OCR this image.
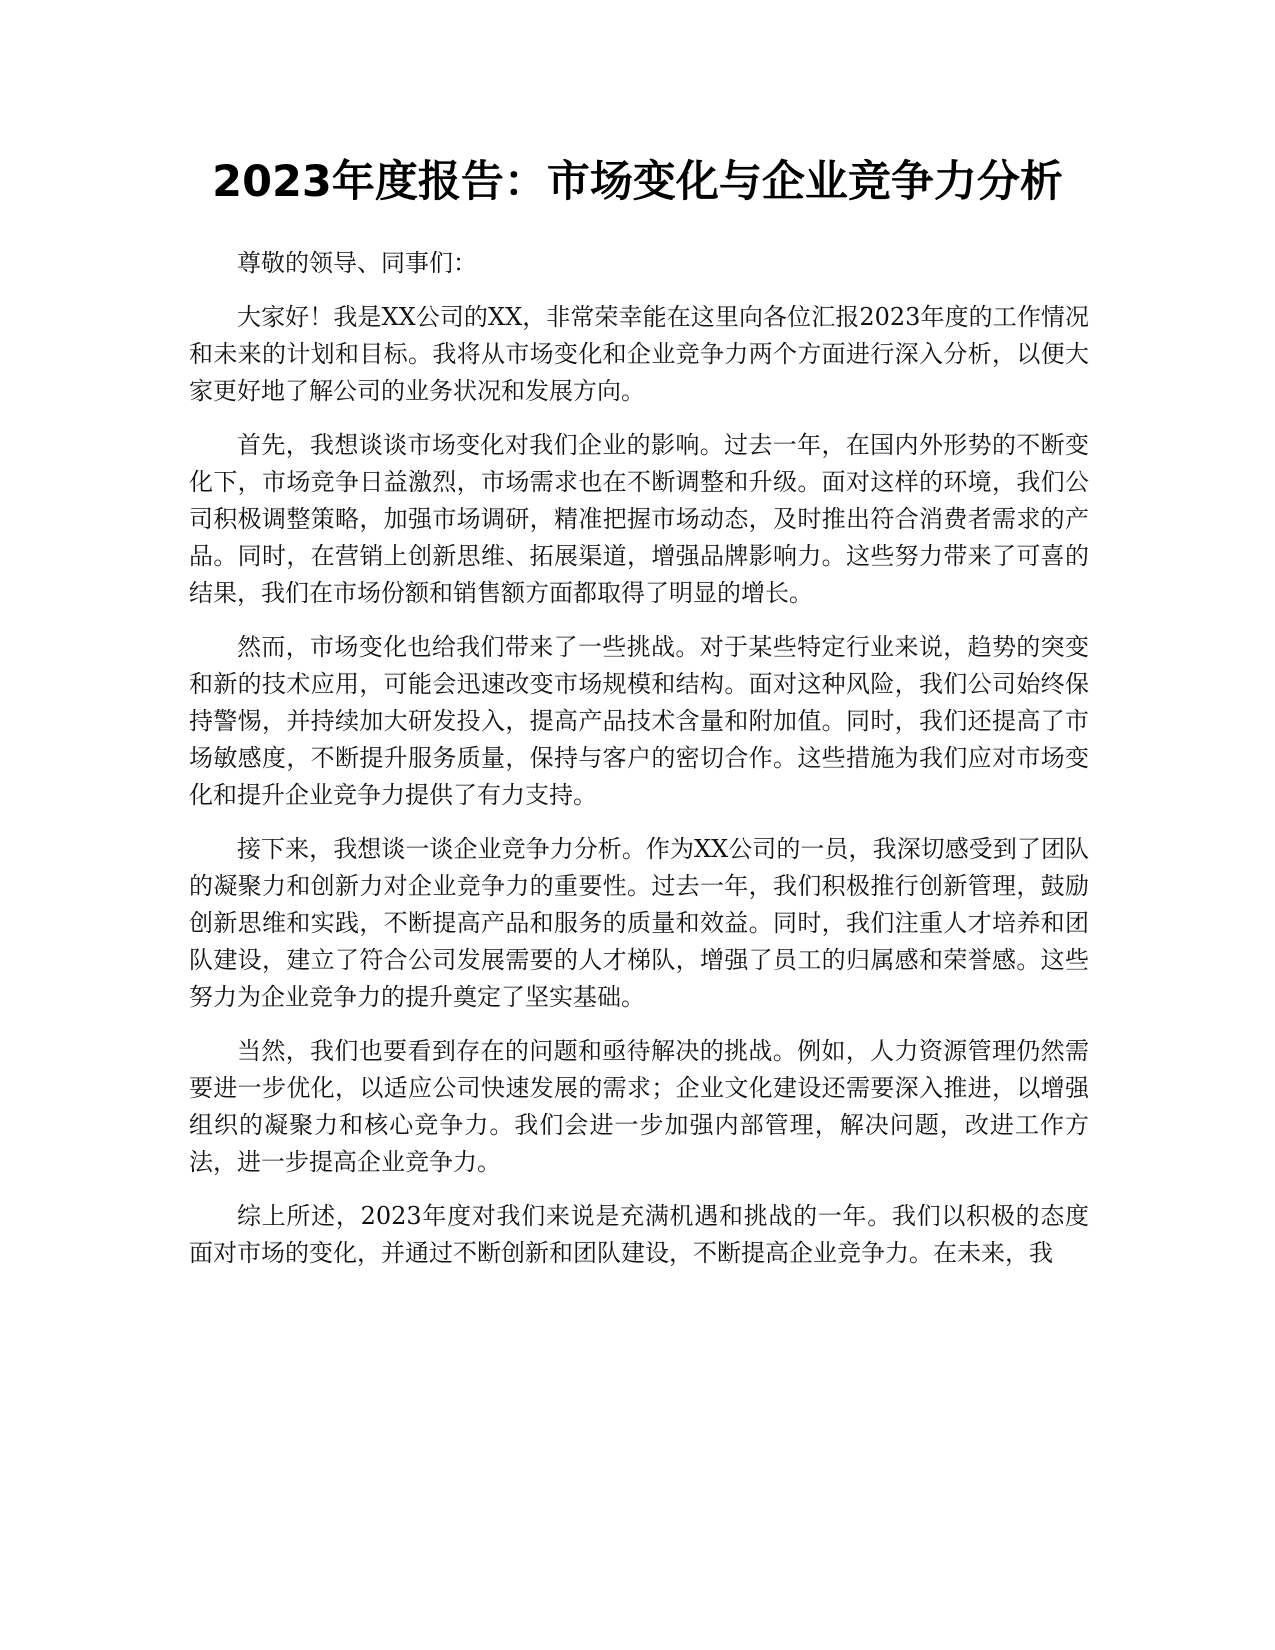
2023年度报告：市场变化与企业竞争力分析

尊敬的领导、同事们：

大家好！我是XX公司的XX，非常荣幸能在这里向各位汇报2023年度的工作情况和未来的计划和目标。我将从市场变化和企业竞争力两个方面进行深入分析，以便大家更好地了解公司的业务状况和发展方向。

首先，我想谈谈市场变化对我们企业的影响。过去一年，在国内外形势的不断变化下，市场竞争日益激烈，市场需求也在不断调整和升级。面对这样的环境，我们公司积极调整策略，加强市场调研，精准把握市场动态，及时推出符合消费者需求的产品。同时，在营销上创新思维、拓展渠道，增强品牌影响力。这些努力带来了可喜的结果，我们在市场份额和销售额方面都取得了明显的增长。

然而，市场变化也给我们带来了一些挑战。对于某些特定行业来说，趋势的突变和新的技术应用，可能会迅速改变市场规模和结构。面对这种风险，我们公司始终保持警惕，并持续加大研发投入，提高产品技术含量和附加值。同时，我们还提高了市场敏感度，不断提升服务质量，保持与客户的密切合作。这些措施为我们应对市场变化和提升企业竞争力提供了有力支持。

接下来，我想谈一谈企业竞争力分析。作为XX公司的一员，我深切感受到了团队的凝聚力和创新力对企业竞争力的重要性。过去一年，我们积极推行创新管理，鼓励创新思维和实践，不断提高产品和服务的质量和效益。同时，我们注重人才培养和团队建设，建立了符合公司发展需要的人才梯队，增强了员工的归属感和荣誉感。这些努力为企业竞争力的提升奠定了坚实基础。

当然，我们也要看到存在的问题和亟待解决的挑战。例如，人力资源管理仍然需要进一步优化，以适应公司快速发展的需求；企业文化建设还需要深入推进，以增强组织的凝聚力和核心竞争力。我们会进一步加强内部管理，解决问题，改进工作方法，进一步提高企业竞争力。

综上所述，2023年度对我们来说是充满机遇和挑战的一年。我们以积极的态度面对市场的变化，并通过不断创新和团队建设，不断提高企业竞争力。在未来，我
